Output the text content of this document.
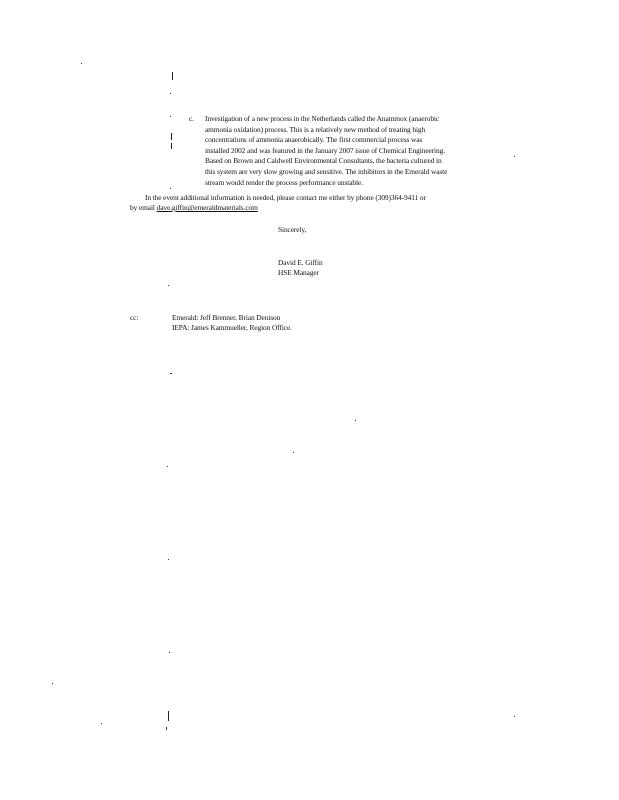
c. Investigation of a new process in the Netherlands called the Anammox (anaerobic
ammonia oxidation) process. This is a relatively new method of treating high
concentrations of ammonia anaerobically. The first commercial process was
installed 2002 and was featured in the January 2007 issue of Chemical Engineering.
Based on Brown and Caldwell Environmental Consultants, the bacteria cultured in
this system are very slow growing and sensitive. The inhibitors in the Emerald waste
stream would render the process performance unstable.
In the event additional information is needed, please contact me either by phone (309)364-9411 or
by email dave.giffin@emeraldmaterials.com
Sincerely,
David E. Giffin
HSE Manager
cc:	Emerald: Jeff Brenner, Brian Denison
IEPA: James Kammueller, Region Office.
